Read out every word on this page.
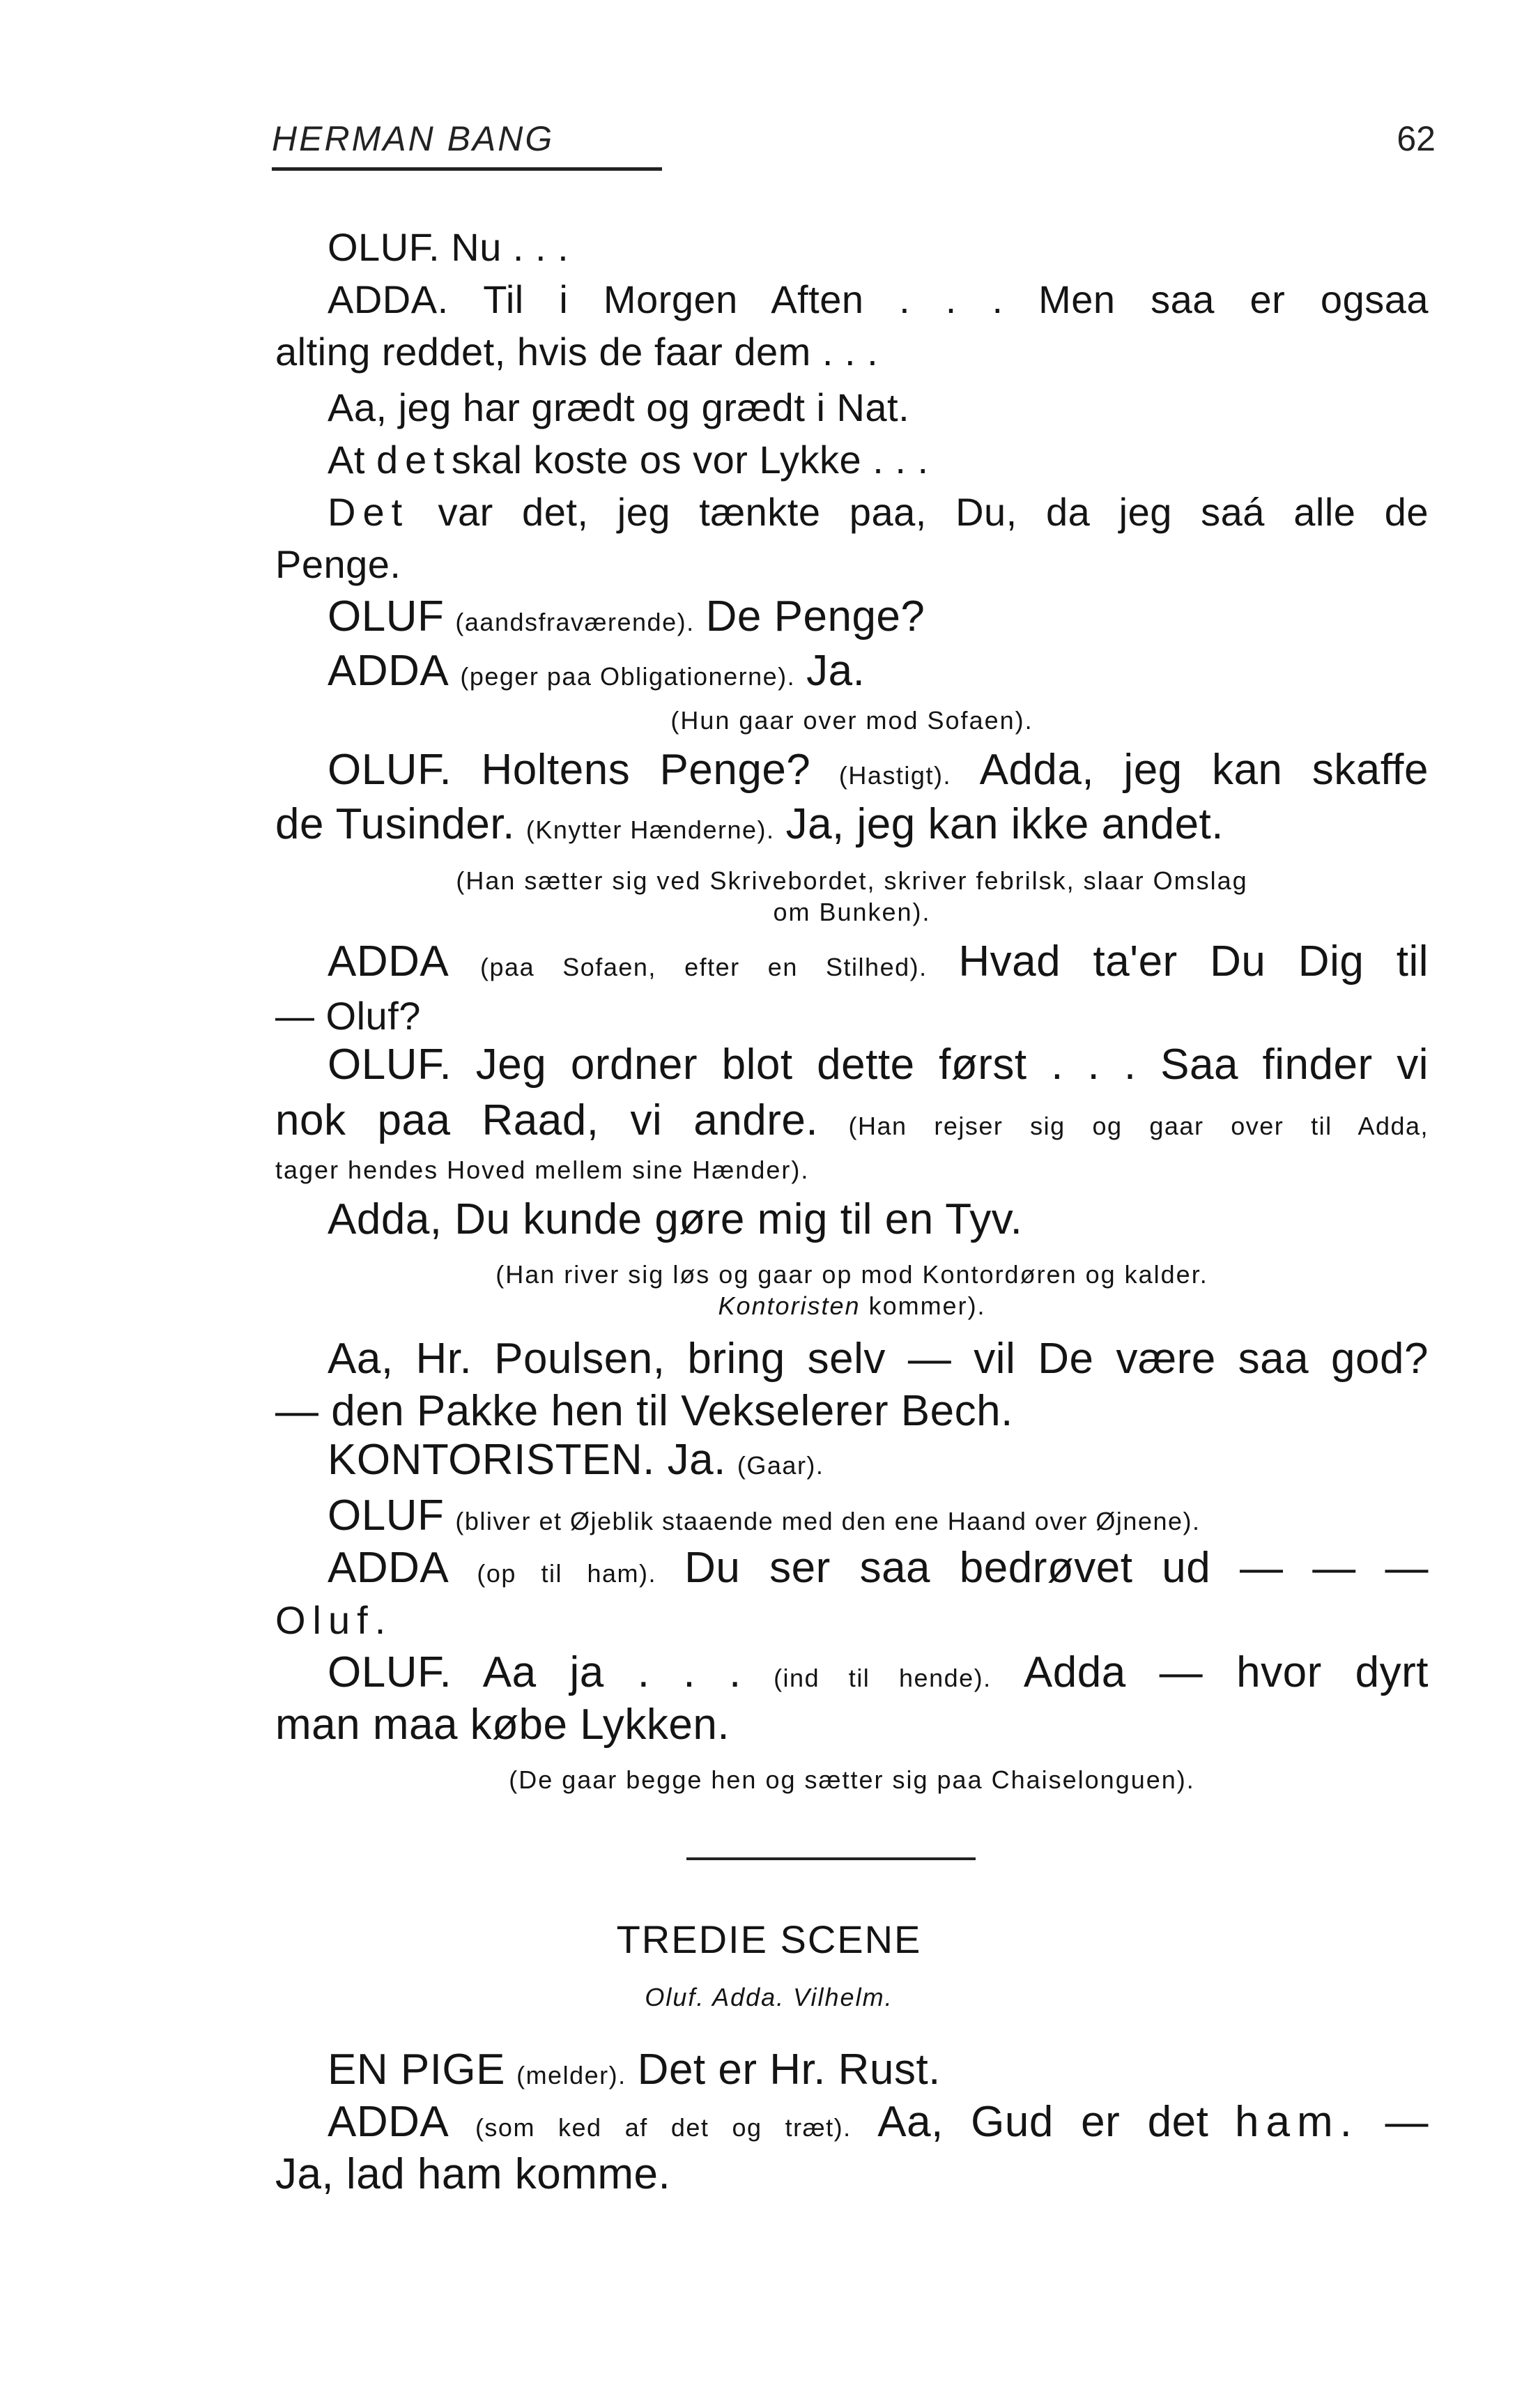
HERMAN BANG	62
OLUF. Nu . . .
ADDA. Til i Morgen Aften . . . Men saa er ogsaa
alting reddet, hvis de faar dem . . .
Aa, jeg har grædt og grædt i Nat.
At detskal koste os vor Lykke . . .
Det var det, jeg tænkte paa, Du, da jeg saá alle de
Penge.
OLUF (aandsfraværende). De Penge?
ADDA (peger paa Obligationerne). Ja.
(Hun gaar over mod Sofaen).
OLUF. Holtens Penge? (Hastigt). Adda, jeg kan skaffe
de Tusinder. (Knytter Hænderne). Ja, jeg kan ikke andet.
(Han sætter sig ved Skrivebordet, skriver febrilsk, slaar Omslag
om Bunken).
ADDA (paa Sofaen, efter en Stilhed). Hvad ta'er Du Dig til
— Oluf?
OLUF. Jeg ordner blot dette først . . . Saa finder vi
nok paa Raad, vi andre. (Han rejser sig og gaar over til Adda,
tager hendes Hoved mellem sine Hænder).
Adda, Du kunde gøre mig til en Tyv.
(Han river sig løs og gaar op mod Kontordøren og kalder.
Kontoristen kommer).
Aa, Hr. Poulsen, bring selv — vil De være saa god?
— den Pakke hen til Vekselerer Bech.
KONTORISTEN. Ja. (Gaar).
OLUF (bliver et Øjeblik staaende med den ene Haand over Øjnene).
ADDA (op til ham). Du ser saa bedrøvet ud — — —
Oluf.
OLUF. Aa ja . . . (ind til hende). Adda — hvor dyrt
man maa købe Lykken.
(De gaar begge hen og sætter sig paa Chaiselonguen).
EN PIGE (melder). Det er Hr. Rust.
ADDA (som ked af det og træt). Aa, Gud er det ham. —
Ja, lad ham komme.
TREDIE SCENE
Oluf. Adda. Vilhelm.
